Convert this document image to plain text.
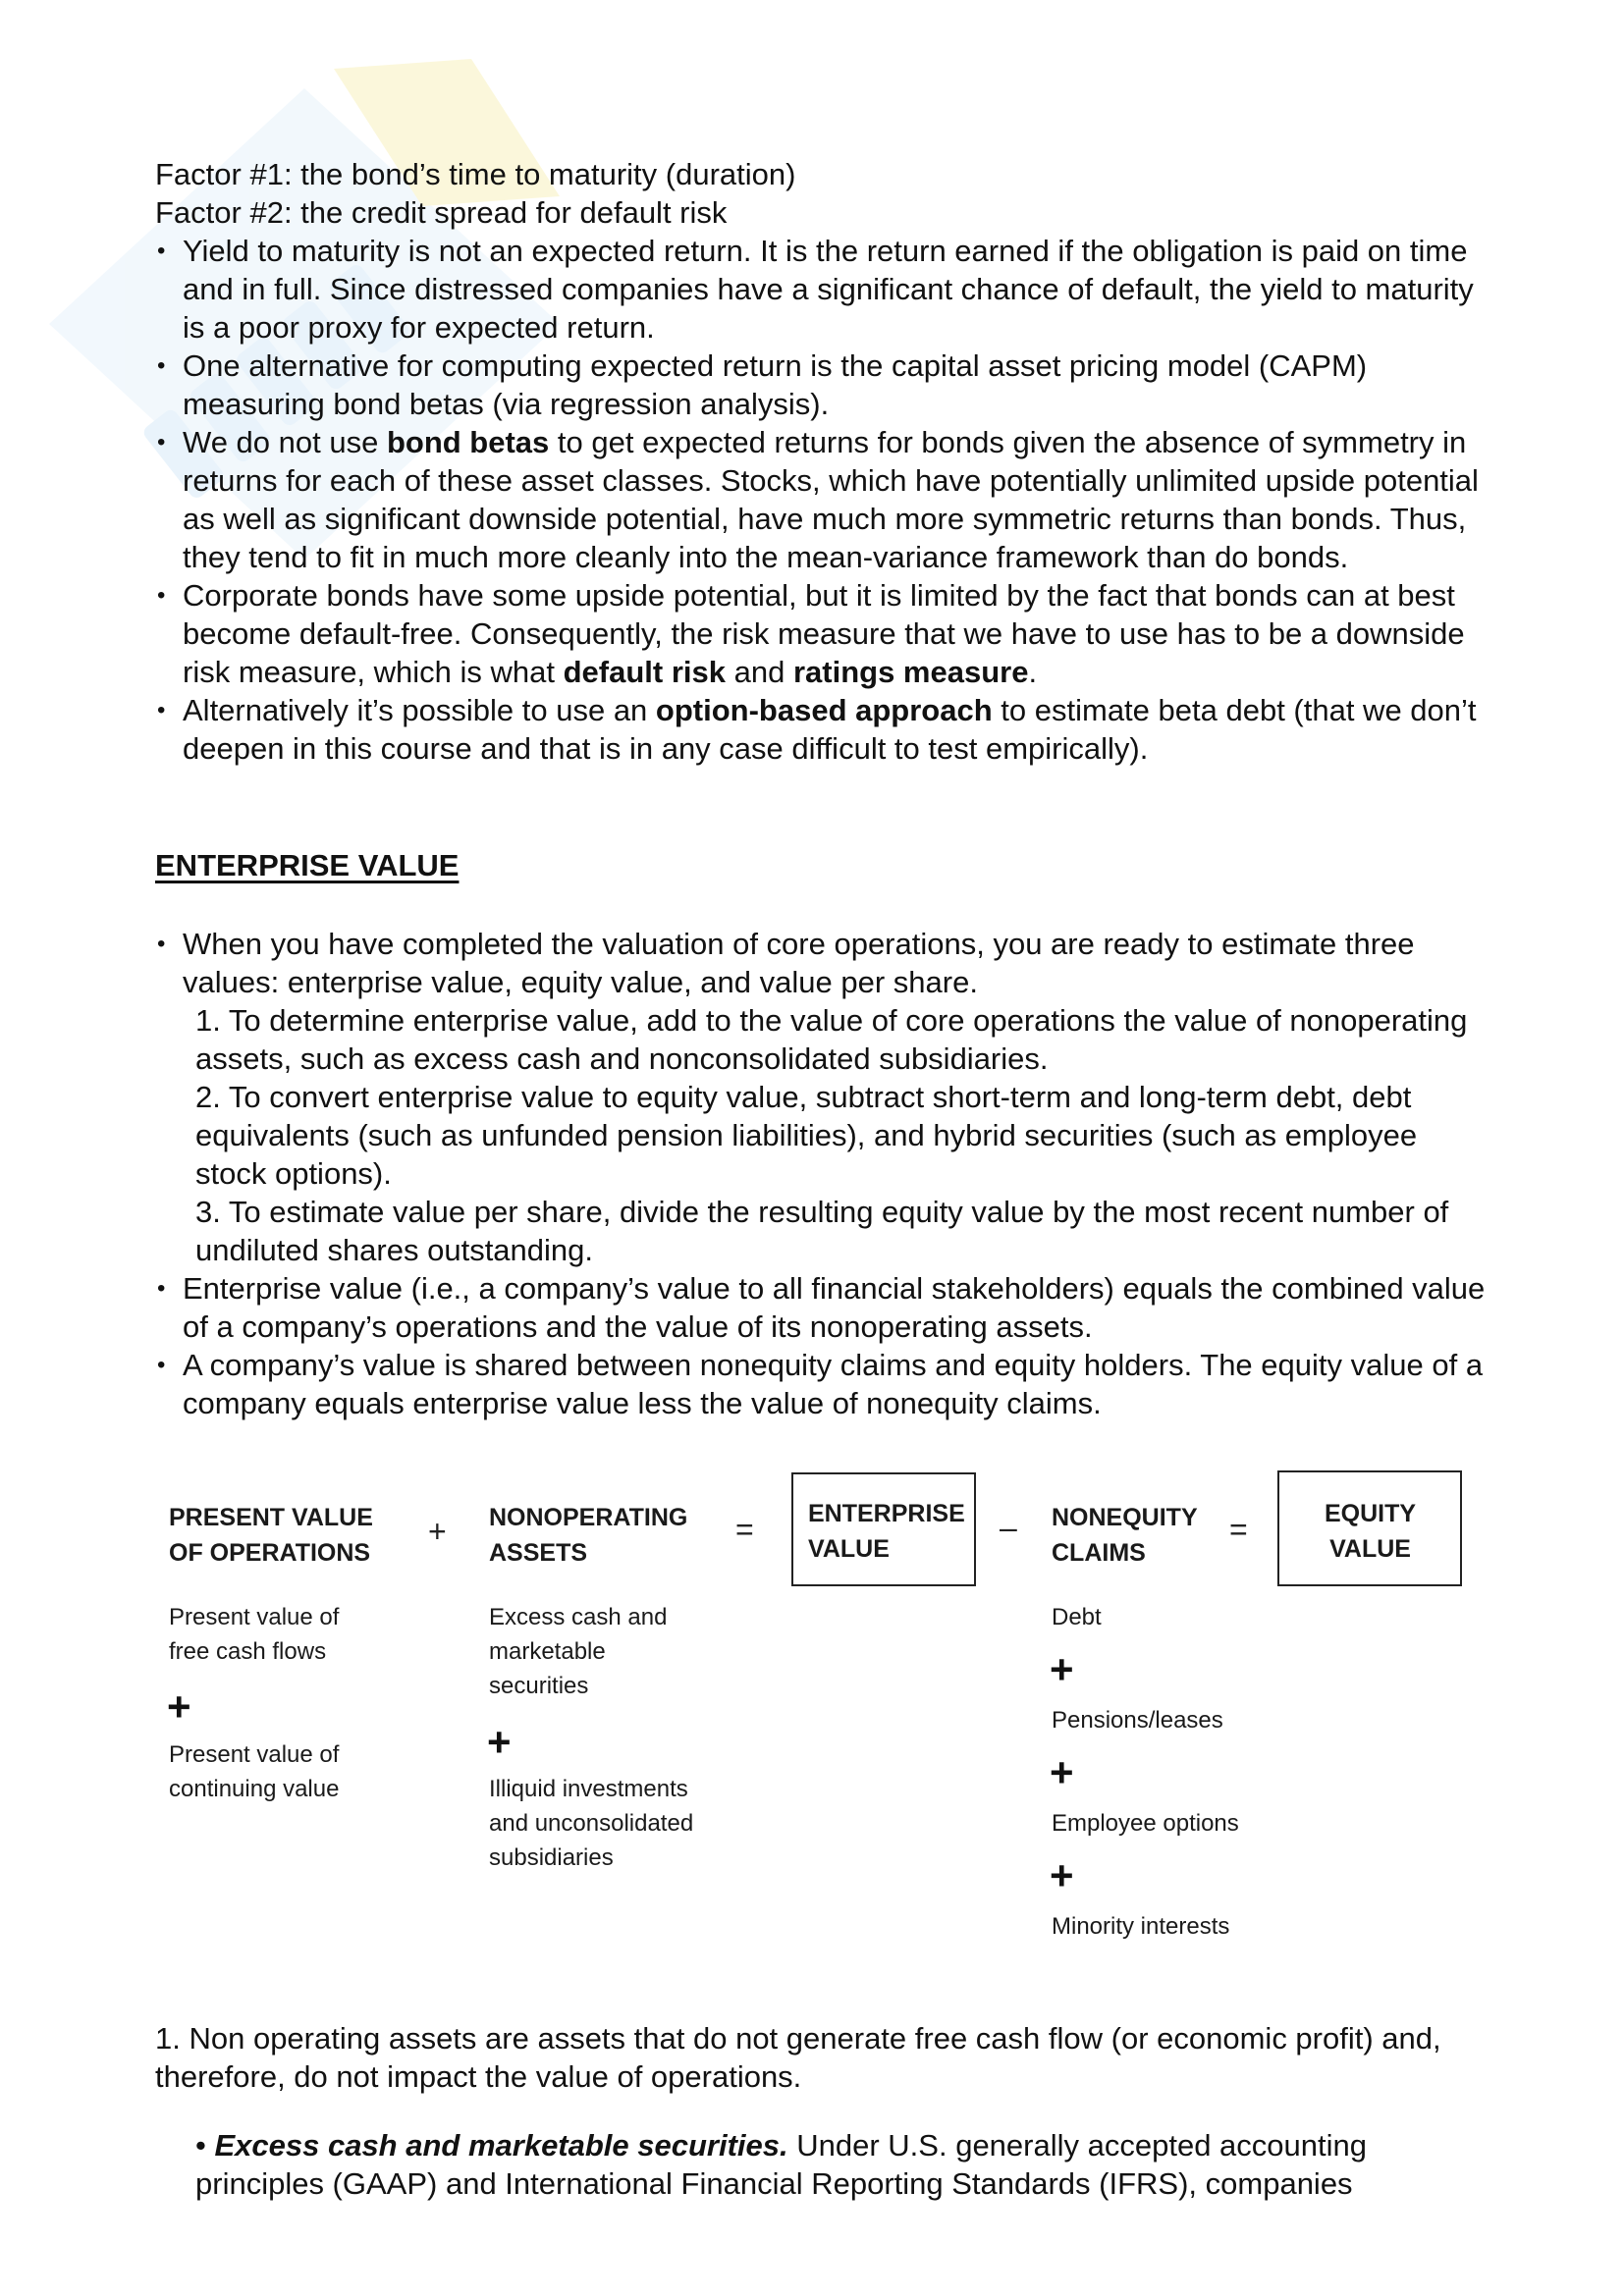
Factor #1: the bond’s time to maturity (duration)

Factor #2: the credit spread for default risk

• Yield to maturity is not an expected return. It is the return earned if the obligation is paid on time and in full. Since distressed companies have a significant chance of default, the yield to maturity is a poor proxy for expected return.

• One alternative for computing expected return is the capital asset pricing model (CAPM) measuring bond betas (via regression analysis).

• We do not use bond betas to get expected returns for bonds given the absence of symmetry in returns for each of these asset classes. Stocks, which have potentially unlimited upside potential as well as significant downside potential, have much more symmetric returns than bonds. Thus, they tend to fit in much more cleanly into the mean-variance framework than do bonds.

• Corporate bonds have some upside potential, but it is limited by the fact that bonds can at best become default-free. Consequently, the risk measure that we have to use has to be a downside risk measure, which is what default risk and ratings measure.

• Alternatively it’s possible to use an option-based approach to estimate beta debt (that we don’t deepen in this course and that is in any case difficult to test empirically).

ENTERPRISE VALUE

• When you have completed the valuation of core operations, you are ready to estimate three values: enterprise value, equity value, and value per share.

1. To determine enterprise value, add to the value of core operations the value of nonoperating assets, such as excess cash and nonconsolidated subsidiaries.

2. To convert enterprise value to equity value, subtract short-term and long-term debt, debt equivalents (such as unfunded pension liabilities), and hybrid securities (such as employee stock options).

3. To estimate value per share, divide the resulting equity value by the most recent number of undiluted shares outstanding.

• Enterprise value (i.e., a company’s value to all financial stakeholders) equals the combined value of a company’s operations and the value of its nonoperating assets.

• A company’s value is shared between nonequity claims and equity holders. The equity value of a company equals enterprise value less the value of nonequity claims.

PRESENT VALUE
OF OPERATIONS
+ NONOPERATING
ASSETS
= ENTERPRISE
VALUE
– NONEQUITY
CLAIMS
=	EQUITY
VALUE
Present value of
free cash flows
+
Present value of
continuing value
Excess cash and
marketable
securities
+
Illiquid investments
and unconsolidated
subsidiaries
Debt
+
Pensions/leases
+
Employee options
+
Minority interests

1. Non operating assets are assets that do not generate free cash flow (or economic profit) and, therefore, do not impact the value of operations.

• Excess cash and marketable securities. Under U.S. generally accepted accounting principles (GAAP) and International Financial Reporting Standards (IFRS), companies
